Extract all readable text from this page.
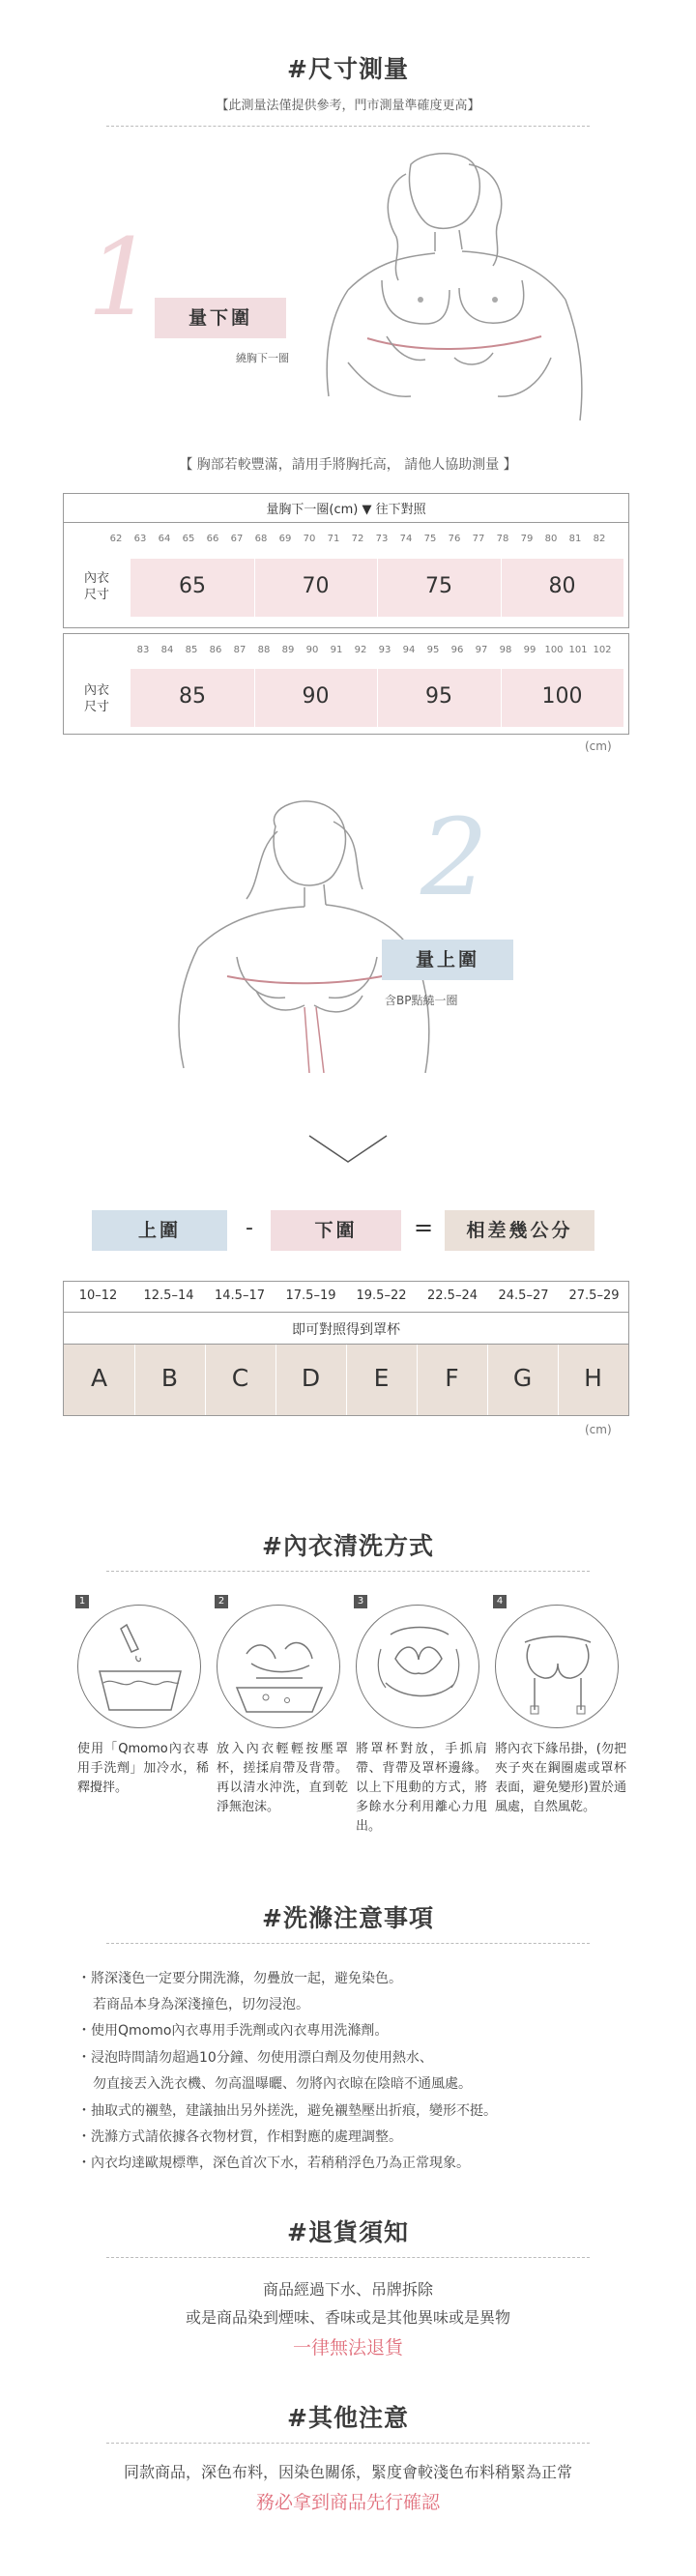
#尺寸測量
【此測量法僅提供參考，門市測量準確度更高】
1	量下圍
繞胸下一圈
【 胸部若較豐滿，請用手將胸托高， 請他人協助測量 】
量胸下一圈(cm) ▼ 往下對照
62	63	64	65	66	67	68	69	70	71	72	73	74	75	76	77	78	79	80	81	82
內衣
尺寸	65	70	75	80
83	84	85	86	87	88	89	90	91	92	93	94	95	96	97	98	99 100 101 102
內衣
尺寸	85	90	95	100
(cm)
2
量上圍
含BP點繞一圈
上圍	-	下圍	=	相差幾公分
10–12	12.5–14	14.5–17	17.5–19	19.5–22	22.5–24	24.5–27	27.5–29
即可對照得到罩杯
A	B	C	D	E	F	G	H
(cm)
#內衣清洗方式
1
使用「Qmomo內衣專用手洗劑」加冷水，稀釋攪拌。
2
放入內衣輕輕按壓罩杯，搓揉肩帶及背帶。再以清水沖洗，直到乾淨無泡沫。
3
將罩杯對放，手抓肩帶、背帶及罩杯邊緣。以上下甩動的方式，將多餘水分利用離心力甩出。
4
將內衣下緣吊掛，(勿把夾子夾在鋼圈處或罩杯表面，避免變形)置於通風處，自然風乾。
#洗滌注意事項
・將深淺色一定要分開洗滌，勿疊放一起，避免染色。
若商品本身為深淺撞色，切勿浸泡。
・使用Qmomo內衣專用手洗劑或內衣專用洗滌劑。
・浸泡時間請勿超過10分鐘、勿使用漂白劑及勿使用熱水、
勿直接丟入洗衣機、勿高溫曝曬、勿將內衣晾在陰暗不通風處。
・抽取式的襯墊，建議抽出另外搓洗，避免襯墊壓出折痕，變形不挺。
・洗滌方式請依據各衣物材質，作相對應的處理調整。
・內衣均達歐規標準，深色首次下水，若稍稍浮色乃為正常現象。
#退貨須知
商品經過下水、吊牌拆除
或是商品染到煙味、香味或是其他異味或是異物
一律無法退貨
#其他注意
同款商品，深色布料，因染色關係，緊度會較淺色布料稍緊為正常
務必拿到商品先行確認
